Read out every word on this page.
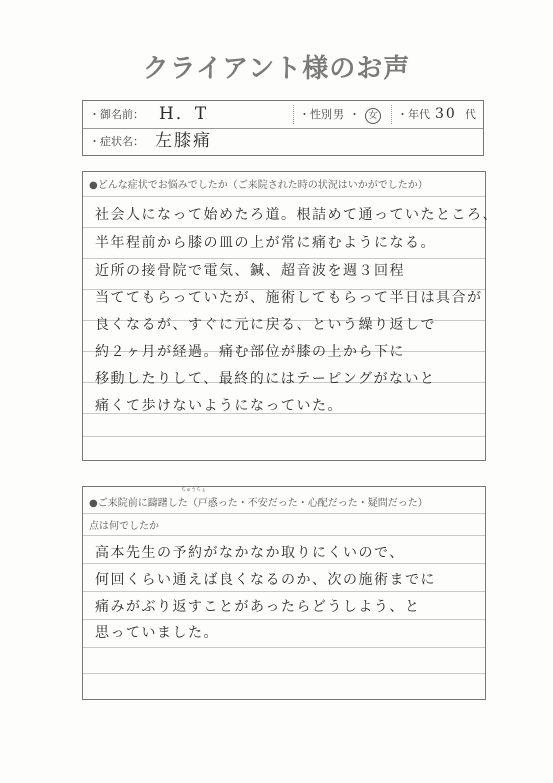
クライアント様のお声
・御名前： H．T	・性別 男 ・ 女	・年代 30 代
・症状名： 左膝痛
●どんな症状でお悩みでしたか（ご来院された時の状況はいかがでしたか）
社会人になって始めたろ道。根詰めて通っていたところ、
半年程前から膝の皿の上が常に痛むようになる。
近所の接骨院で電気、鍼、超音波を週３回程
当ててもらっていたが、施術してもらって半日は具合が
良くなるが、すぐに元に戻る、という繰り返しで
約２ヶ月が経過。痛む部位が膝の上から下に
移動したりして、最終的にはテーピングがないと
痛くて歩けないようになっていた。
ちゅうちょ
●ご来院前に躊躇した（戸惑った・不安だった・心配だった・疑問だった）
点は何でしたか
高本先生の予約がなかなか取りにくいので、
何回くらい通えば良くなるのか、次の施術までに
痛みがぶり返すことがあったらどうしよう、と
思っていました。
